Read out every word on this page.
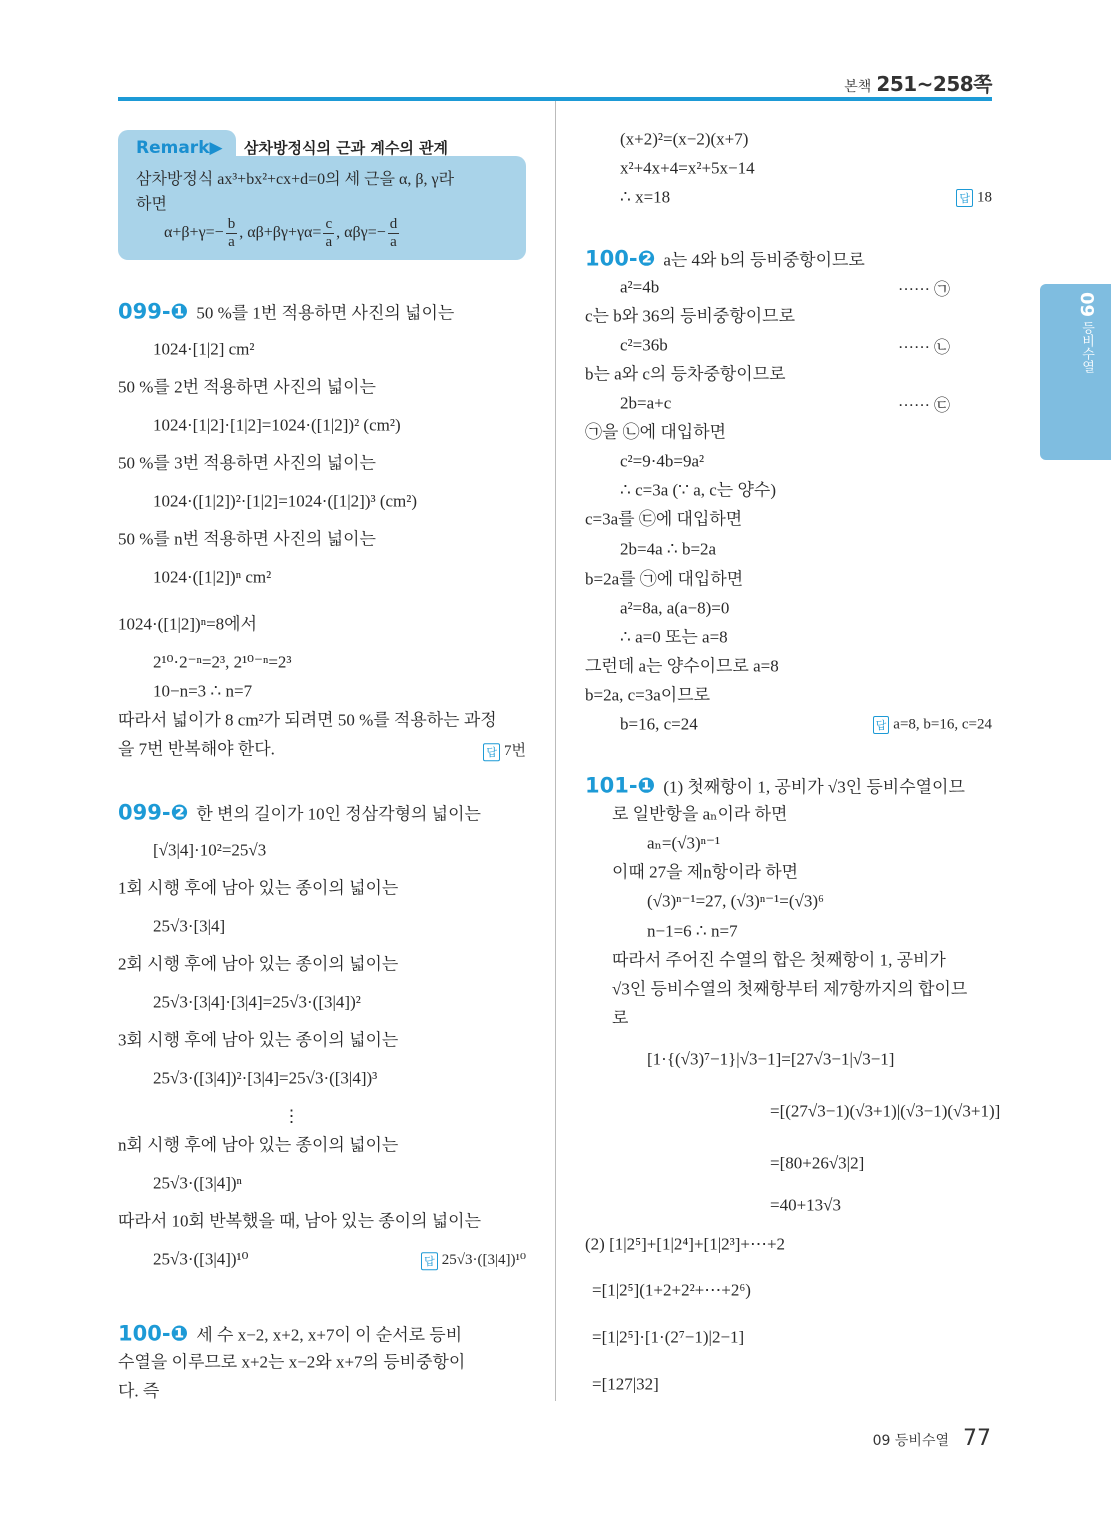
본책 251~258쪽
Remark▶ 삼차방정식의 근과 계수의 관계
삼차방정식 ax³+bx²+cx+d=0의 세 근을 α, β, γ라
하면
$\alpha+\beta+\gamma=- \frac{b}{a}$ , $\alpha\beta+\beta\gamma+\gamma\alpha= \frac{c}{a}$ , $\alpha\beta\gamma=- \frac{d}{a}$
09 등비수열
099-❶ 50 %를 1번 적용하면 사진의 넓이는
1024·[1|2] cm²
50 %를 2번 적용하면 사진의 넓이는
1024·[1|2]·[1|2]=1024·([1|2])² (cm²)
50 %를 3번 적용하면 사진의 넓이는
1024·([1|2])²·[1|2]=1024·([1|2])³ (cm²)
50 %를 n번 적용하면 사진의 넓이는
1024·([1|2])ⁿ cm²
1024·([1|2])ⁿ=8에서
2¹⁰·2⁻ⁿ=2³, 2¹⁰⁻ⁿ=2³
10−n=3 ∴ n=7
따라서 넓이가 8 cm²가 되려면 50 %를 적용하는 과정
을 7번 반복해야 한다.	답 7번
099-❷ 한 변의 길이가 10인 정삼각형의 넓이는
[√3|4]·10²=25√3
1회 시행 후에 남아 있는 종이의 넓이는
25√3·[3|4]
2회 시행 후에 남아 있는 종이의 넓이는
25√3·[3|4]·[3|4]=25√3·([3|4])²
3회 시행 후에 남아 있는 종이의 넓이는
25√3·([3|4])²·[3|4]=25√3·([3|4])³
⋮
n회 시행 후에 남아 있는 종이의 넓이는
25√3·([3|4])ⁿ
따라서 10회 반복했을 때, 남아 있는 종이의 넓이는
25√3·([3|4])¹⁰	답 25√3·([3|4])¹⁰
100-❶ 세 수 x−2, x+2, x+7이 이 순서로 등비
수열을 이루므로 x+2는 x−2와 x+7의 등비중항이
다. 즉
(x+2)²=(x−2)(x+7)
x²+4x+4=x²+5x−14
∴ x=18	답 18
100-❷ a는 4와 b의 등비중항이므로
a²=4b	······ ㉠
c는 b와 36의 등비중항이므로
c²=36b	······ ㉡
b는 a와 c의 등차중항이므로
2b=a+c	······ ㉢
㉠을 ㉡에 대입하면
c²=9·4b=9a²
∴ c=3a (∵ a, c는 양수)
c=3a를 ㉢에 대입하면
2b=4a ∴ b=2a
b=2a를 ㉠에 대입하면
a²=8a, a(a−8)=0
∴ a=0 또는 a=8
그런데 a는 양수이므로 a=8
b=2a, c=3a이므로
b=16, c=24	답 a=8, b=16, c=24
101-❶ (1) 첫째항이 1, 공비가 √3인 등비수열이므
로 일반항을 aₙ이라 하면
aₙ=(√3)ⁿ⁻¹
이때 27을 제n항이라 하면
(√3)ⁿ⁻¹=27, (√3)ⁿ⁻¹=(√3)⁶
n−1=6 ∴ n=7
따라서 주어진 수열의 합은 첫째항이 1, 공비가
√3인 등비수열의 첫째항부터 제7항까지의 합이므
로
[1·{(√3)⁷−1}|√3−1]=[27√3−1|√3−1]
=[(27√3−1)(√3+1)|(√3−1)(√3+1)]
=[80+26√3|2]
=40+13√3
(2) [1|2⁵]+[1|2⁴]+[1|2³]+⋯+2
=[1|2⁵](1+2+2²+⋯+2⁶)
=[1|2⁵]·[1·(2⁷−1)|2−1]
=[127|32]
09 등비수열 77
